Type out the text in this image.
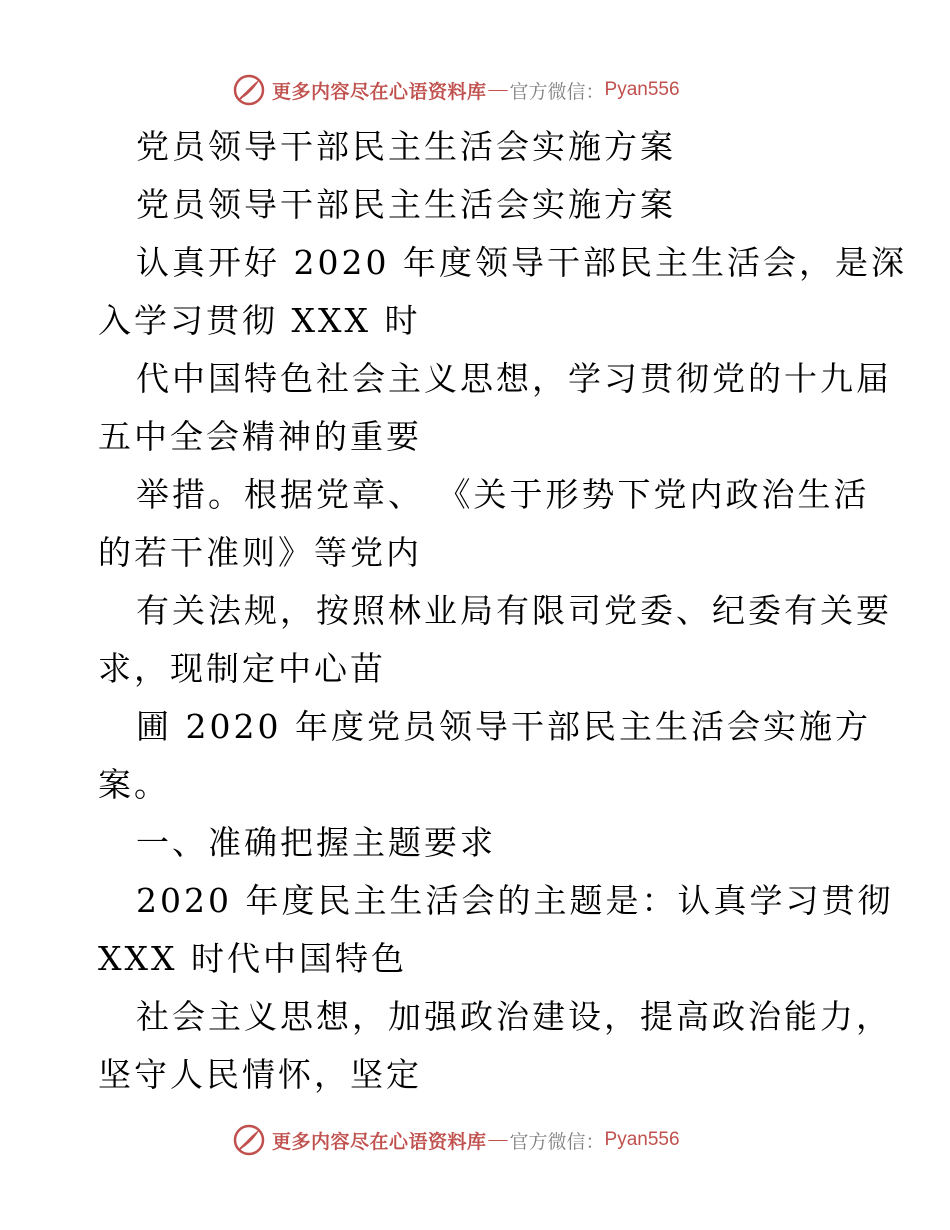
更多内容尽在心语资料库 — 官方微信： Pyan556
党员领导干部民主生活会实施方案
党员领导干部民主生活会实施方案
认真开好 2020 年度领导干部民主生活会，是深
入学习贯彻 XXX 时
代中国特色社会主义思想，学习贯彻党的十九届
五中全会精神的重要
举措。根据党章、 《关于形势下党内政治生活
的若干准则》等党内
有关法规，按照林业局有限司党委、纪委有关要
求，现制定中心苗
圃 2020 年度党员领导干部民主生活会实施方
案。
一、准确把握主题要求
2020 年度民主生活会的主题是：认真学习贯彻
XXX 时代中国特色
社会主义思想，加强政治建设，提高政治能力，
坚守人民情怀，坚定
更多内容尽在心语资料库 — 官方微信： Pyan556
